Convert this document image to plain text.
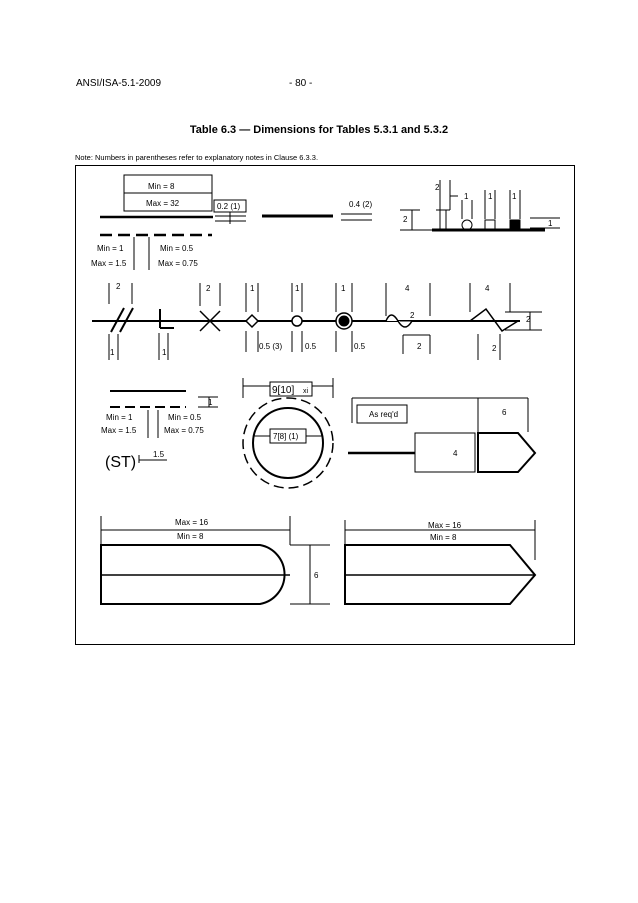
ANSI/ISA-5.1-2009	- 80 -
Table 6.3 — Dimensions for Tables 5.3.1 and 5.3.2
Note: Numbers in parentheses refer to explanatory notes in Clause 6.3.3.
Min = 8
Max = 32
Min = 1	Min = 0.5
Max = 1.5	Max = 0.75
0.2 (1)	0.4 (2)
2
2
1 1 1
1
2
1	1
2	1
0.5 (3)
1
0.5
1
0.5
4
2
2
4
2
2
1
Min = 1	Min = 0.5
Max = 1.5	Max = 0.75
(ST) 1.5
9[10] xi
7[8] (1)
As req'd	6
4
Max = 16
Min = 8
6
Max = 16
Min = 8
